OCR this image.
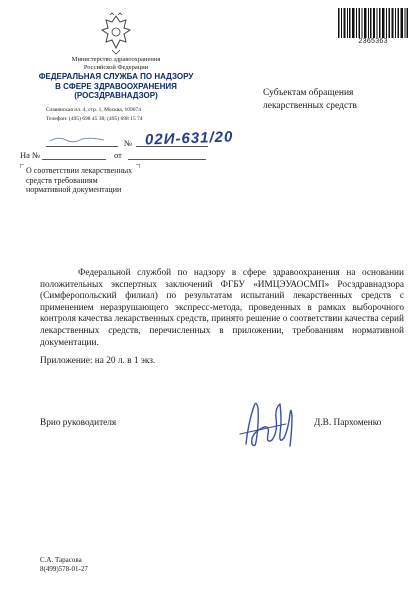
2365363
Министерство здравоохранения
Российской Федерации
ФЕДЕРАЛЬНАЯ СЛУЖБА ПО НАДЗОРУ
В СФЕРЕ ЗДРАВООХРАНЕНИЯ
(РОСЗДРАВНАДЗОР)
Славянская пл. 4, стр. 1, Москва, 109074
Телефон: (495) 698 45 38; (495) 698 15 74
Субъектам обращения
лекарственных средств
№ 02И-631/20
На №	от
О соответствии лекарственных
средств требованиям
нормативной документации
Федеральной службой по надзору в сфере здравоохранения на основании положительных экспертных заключений ФГБУ «ИМЦЭУАОСМП» Росздравнадзора (Симферопольский филиал) по результатам испытаний лекарственных средств с применением неразрушающего экспресс-метода, проведенных в рамках выборочного контроля качества лекарственных средств, принято решение о соответствии качества серий лекарственных средств, перечисленных в приложении, требованиям нормативной документации.
Приложение: на 20 л. в 1 экз.
Врио руководителя	Д.В. Пархоменко
С.А. Тарасова
8(499)578-01-27
